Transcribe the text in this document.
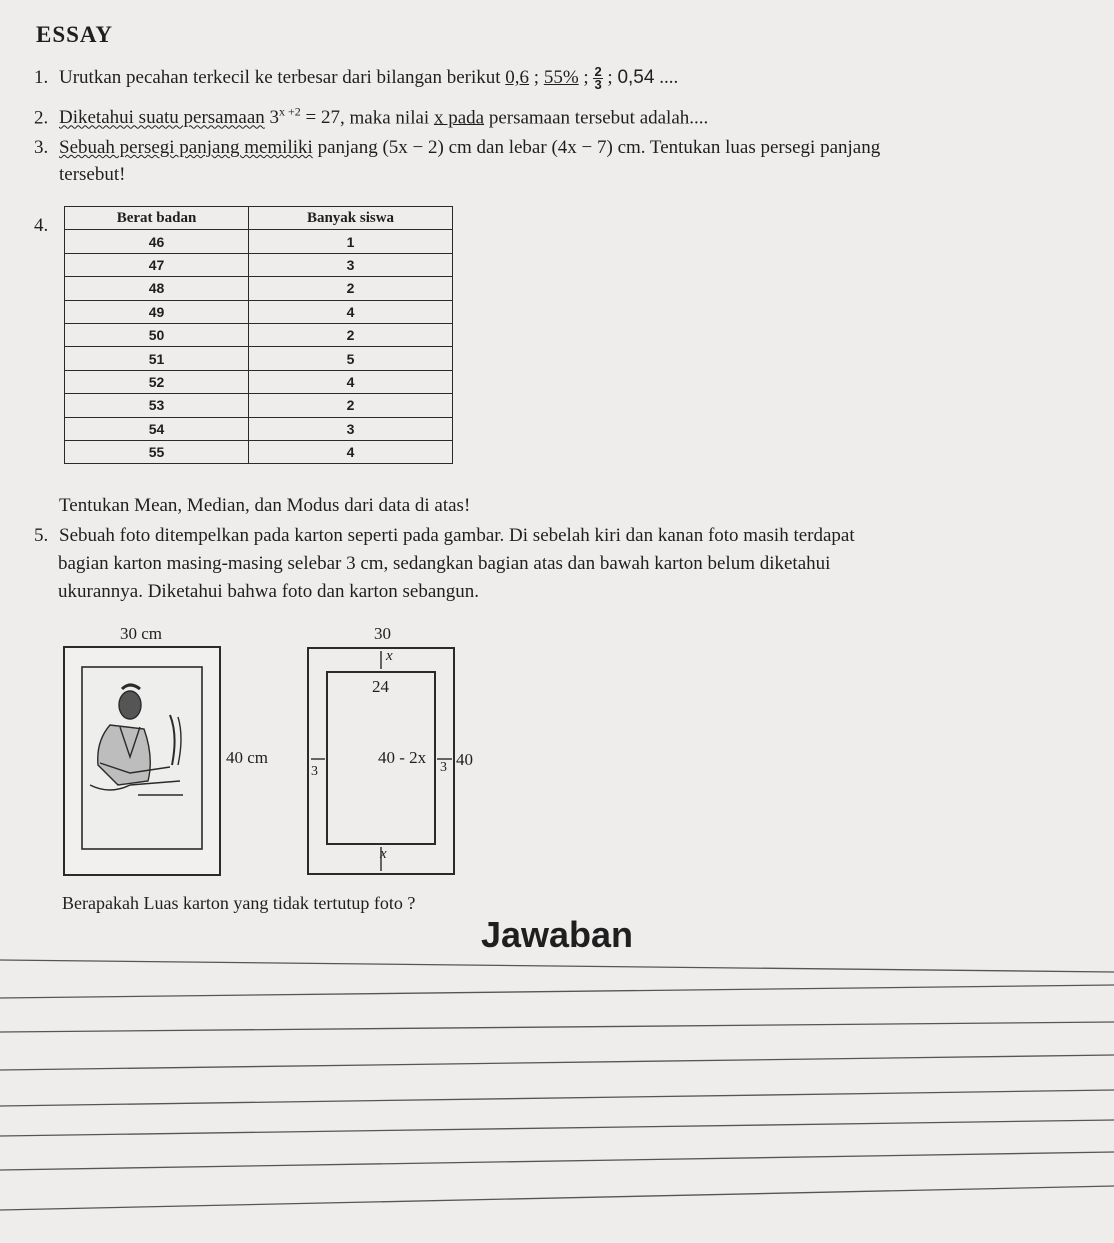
ESSAY
1. Urutkan pecahan terkecil ke terbesar dari bilangan berikut 0,6 ; 55% ; $\frac{2}{3}$ ; 0,54 ....
2. Diketahui suatu persamaan $3^{x +2} = 27$, maka nilai x pada persamaan tersebut adalah....
3. Sebuah persegi panjang memiliki panjang (5x − 2) cm dan lebar (4x − 7) cm. Tentukan luas persegi panjang
tersebut!
4.	Berat badan	Banyak siswa
46	1
47	3
48	2
49	4
50	2
51	5
52	4
53	2
54	3
55	4
Tentukan Mean, Median, dan Modus dari data di atas!
5. Sebuah foto ditempelkan pada karton seperti pada gambar. Di sebelah kiri dan kanan foto masih terdapat
bagian karton masing-masing selebar 3 cm, sedangkan bagian atas dan bawah karton belum diketahui
ukurannya. Diketahui bahwa foto dan karton sebangun.
30 cm
40 cm
30
x
24
40 - 2x 40
3	3
x
Berapakah Luas karton yang tidak tertutup foto ?
Jawaban
